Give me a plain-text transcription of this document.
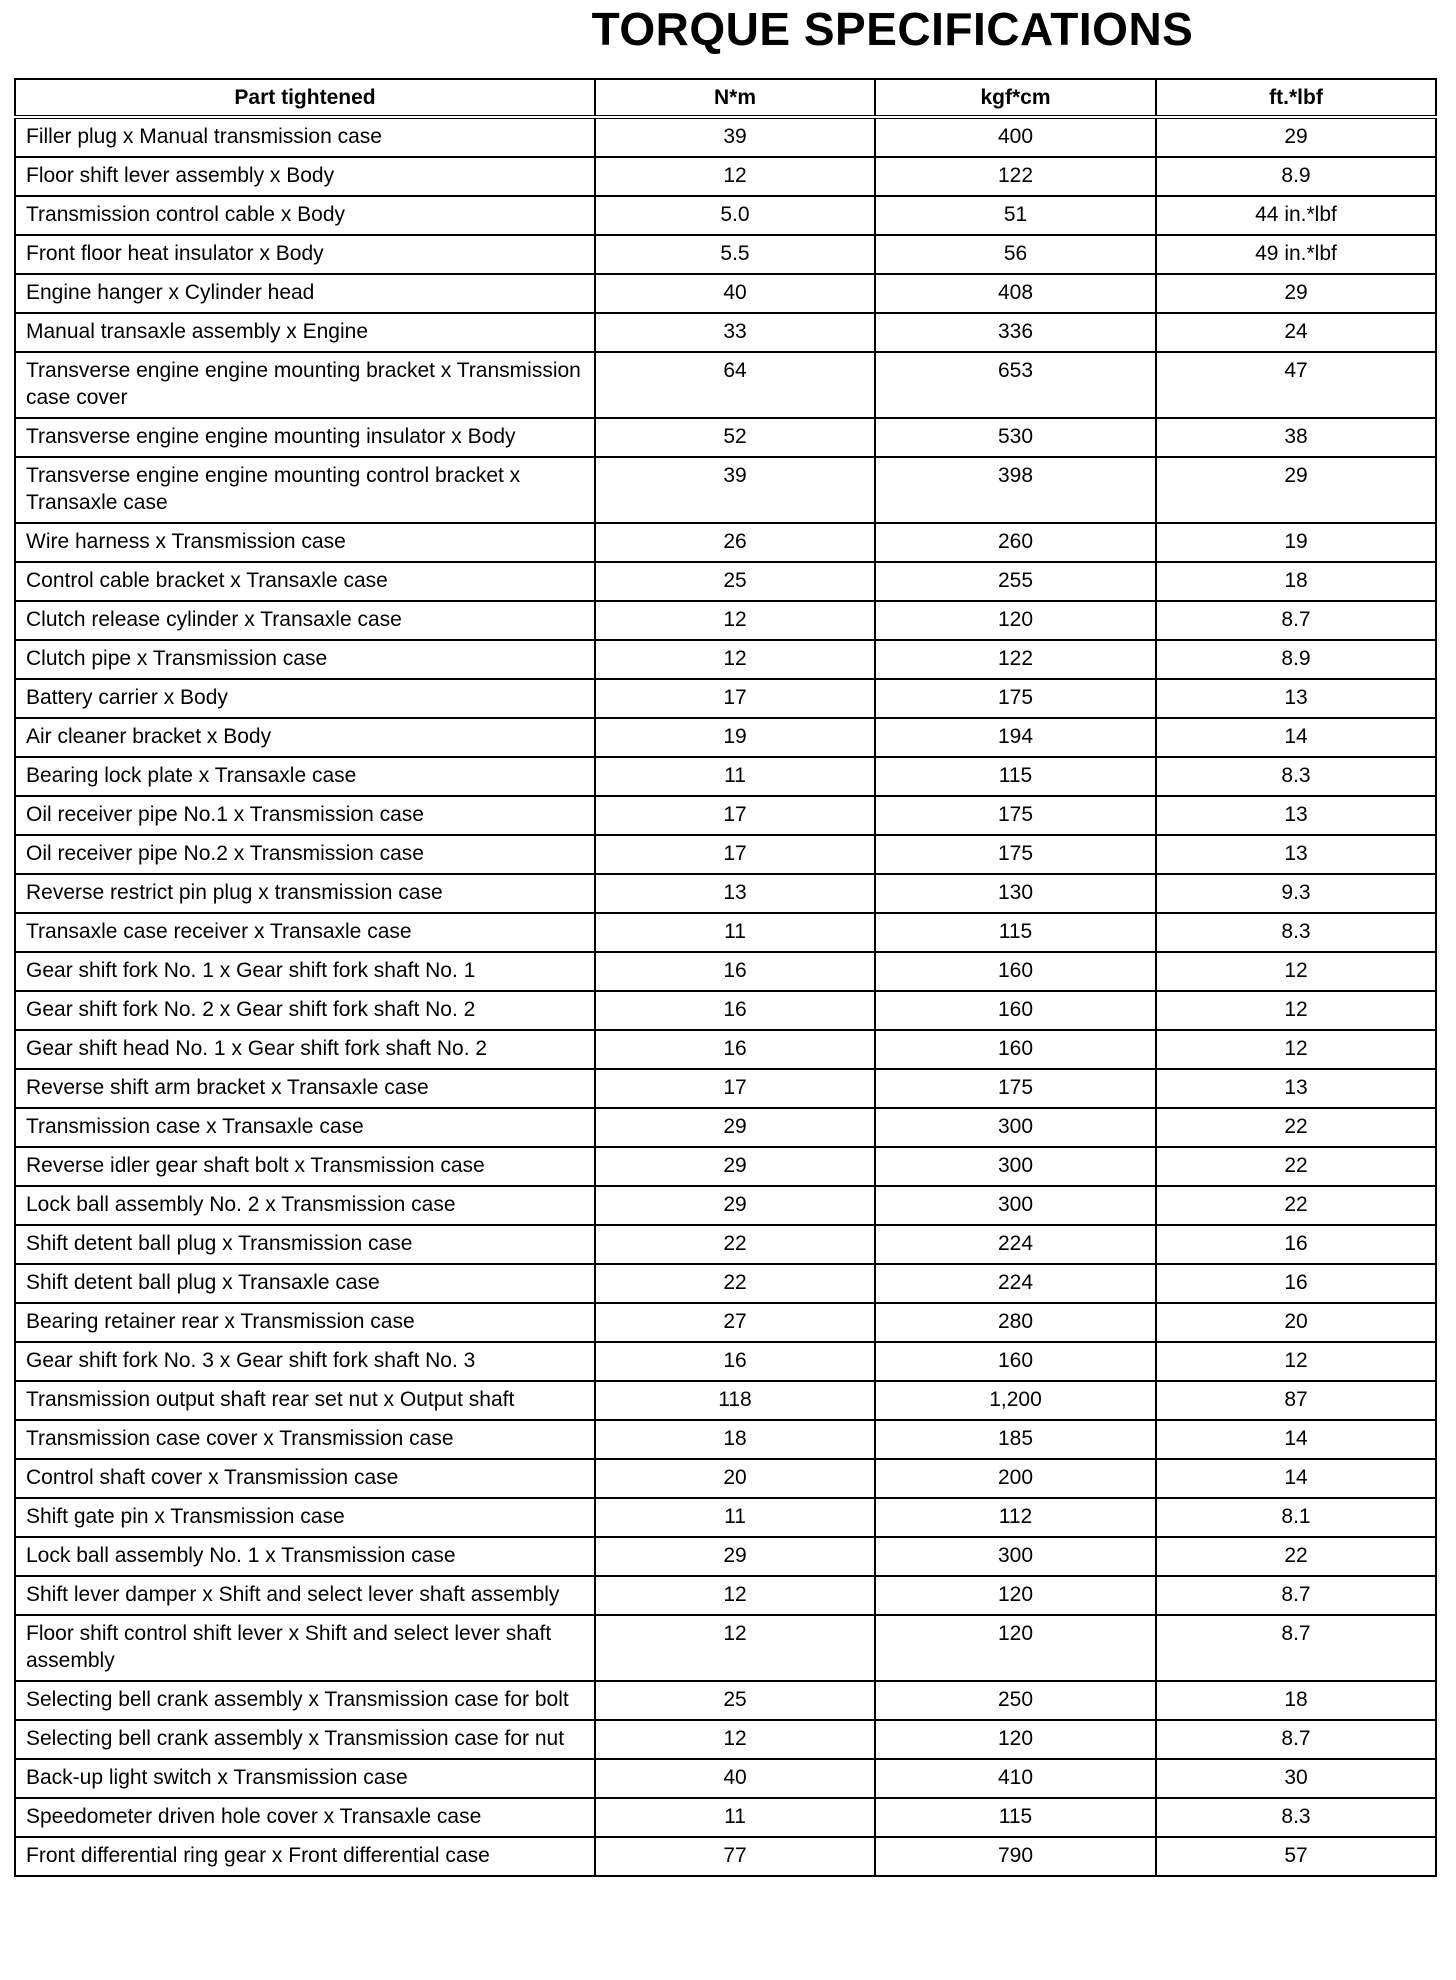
TORQUE SPECIFICATIONS
Part tightened	N*m	kgf*cm	ft.*lbf
Filler plug x Manual transmission case	39	400	29
Floor shift lever assembly x Body	12	122	8.9
Transmission control cable x Body	5.0	51	44 in.*lbf
Front floor heat insulator x Body	5.5	56	49 in.*lbf
Engine hanger x Cylinder head	40	408	29
Manual transaxle assembly x Engine	33	336	24
Transverse engine engine mounting bracket x Transmission case cover	64	653	47
Transverse engine engine mounting insulator x Body	52	530	38
Transverse engine engine mounting control bracket x Transaxle case	39	398	29
Wire harness x Transmission case	26	260	19
Control cable bracket x Transaxle case	25	255	18
Clutch release cylinder x Transaxle case	12	120	8.7
Clutch pipe x Transmission case	12	122	8.9
Battery carrier x Body	17	175	13
Air cleaner bracket x Body	19	194	14
Bearing lock plate x Transaxle case	11	115	8.3
Oil receiver pipe No.1 x Transmission case	17	175	13
Oil receiver pipe No.2 x Transmission case	17	175	13
Reverse restrict pin plug x transmission case	13	130	9.3
Transaxle case receiver x Transaxle case	11	115	8.3
Gear shift fork No. 1 x Gear shift fork shaft No. 1	16	160	12
Gear shift fork No. 2 x Gear shift fork shaft No. 2	16	160	12
Gear shift head No. 1 x Gear shift fork shaft No. 2	16	160	12
Reverse shift arm bracket x Transaxle case	17	175	13
Transmission case x Transaxle case	29	300	22
Reverse idler gear shaft bolt x Transmission case	29	300	22
Lock ball assembly No. 2 x Transmission case	29	300	22
Shift detent ball plug x Transmission case	22	224	16
Shift detent ball plug x Transaxle case	22	224	16
Bearing retainer rear x Transmission case	27	280	20
Gear shift fork No. 3 x Gear shift fork shaft No. 3	16	160	12
Transmission output shaft rear set nut x Output shaft	118	1,200	87
Transmission case cover x Transmission case	18	185	14
Control shaft cover x Transmission case	20	200	14
Shift gate pin x Transmission case	11	112	8.1
Lock ball assembly No. 1 x Transmission case	29	300	22
Shift lever damper x Shift and select lever shaft assembly	12	120	8.7
Floor shift control shift lever x Shift and select lever shaft assembly	12	120	8.7
Selecting bell crank assembly x Transmission case for bolt	25	250	18
Selecting bell crank assembly x Transmission case for nut	12	120	8.7
Back-up light switch x Transmission case	40	410	30
Speedometer driven hole cover x Transaxle case	11	115	8.3
Front differential ring gear x Front differential case	77	790	57
